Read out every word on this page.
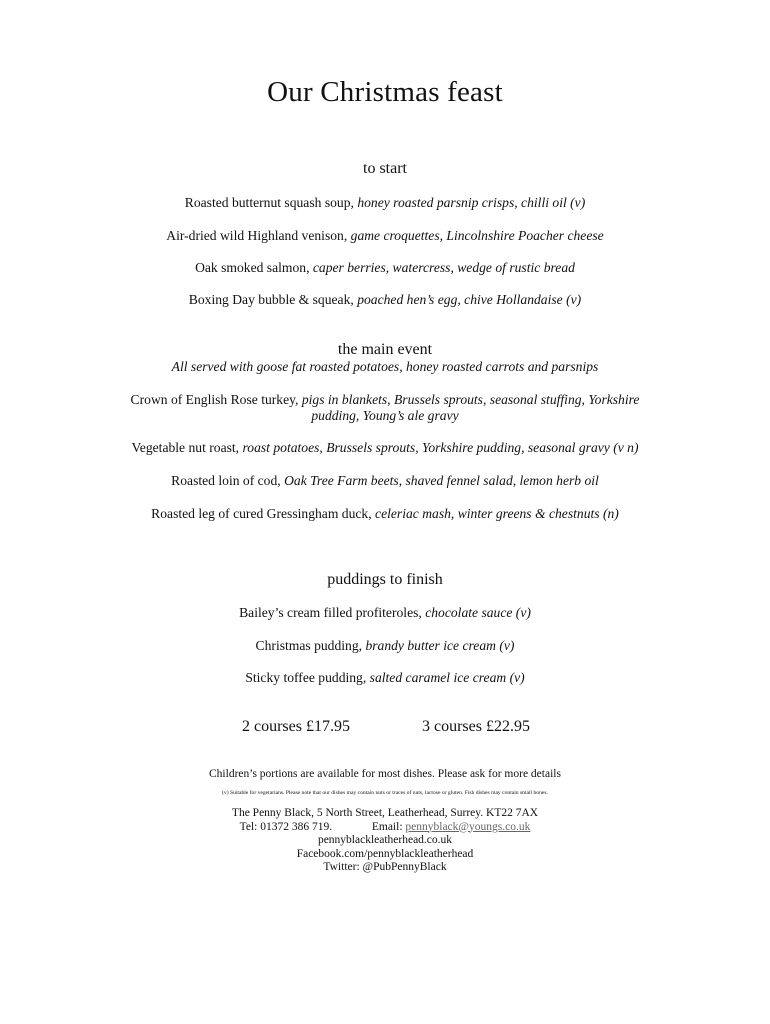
Our Christmas feast
to start
Roasted butternut squash soup, honey roasted parsnip crisps, chilli oil (v)
Air-dried wild Highland venison, game croquettes, Lincolnshire Poacher cheese
Oak smoked salmon, caper berries, watercress, wedge of rustic bread
Boxing Day bubble & squeak, poached hen’s egg, chive Hollandaise (v)
the main event
All served with goose fat roasted potatoes, honey roasted carrots and parsnips
Crown of English Rose turkey, pigs in blankets, Brussels sprouts, seasonal stuffing, Yorkshire
pudding, Young’s ale gravy
Vegetable nut roast, roast potatoes, Brussels sprouts, Yorkshire pudding, seasonal gravy (v n)
Roasted loin of cod, Oak Tree Farm beets, shaved fennel salad, lemon herb oil
Roasted leg of cured Gressingham duck, celeriac mash, winter greens & chestnuts (n)
puddings to finish
Bailey’s cream filled profiteroles, chocolate sauce (v)
Christmas pudding, brandy butter ice cream (v)
Sticky toffee pudding, salted caramel ice cream (v)
2 courses £17.95	3 courses £22.95
Children’s portions are available for most dishes. Please ask for more details
(v) Suitable for vegetarians. Please note that our dishes may contain nuts or traces of nuts, lactose or gluten. Fish dishes may contain small bones.
The Penny Black, 5 North Street, Leatherhead, Surrey. KT22 7AX
Tel: 01372 386 719.	Email: pennyblack@youngs.co.uk
pennyblackleatherhead.co.uk
Facebook.com/pennyblackleatherhead
Twitter: @PubPennyBlack
